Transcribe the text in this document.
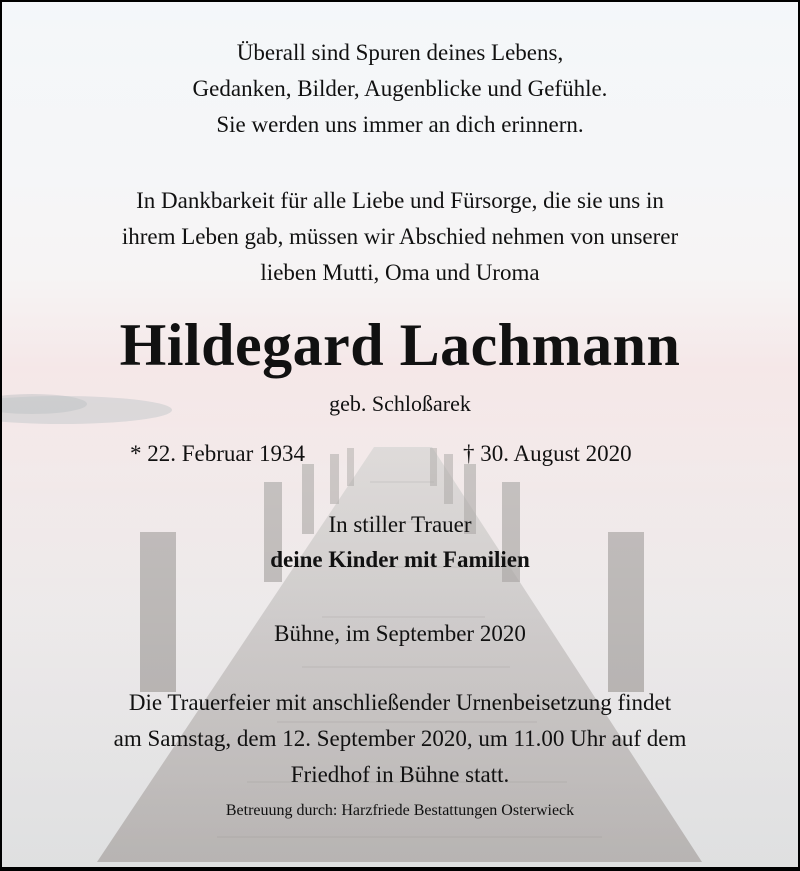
Überall sind Spuren deines Lebens,
Gedanken, Bilder, Augenblicke und Gefühle.
Sie werden uns immer an dich erinnern.
In Dankbarkeit für alle Liebe und Fürsorge, die sie uns in
ihrem Leben gab, müssen wir Abschied nehmen von unserer
lieben Mutti, Oma und Uroma
Hildegard Lachmann
geb. Schloßarek
* 22. Februar 1934	† 30. August 2020
In stiller Trauer
deine Kinder mit Familien
Bühne, im September 2020
Die Trauerfeier mit anschließender Urnenbeisetzung findet
am Samstag, dem 12. September 2020, um 11.00 Uhr auf dem
Friedhof in Bühne statt.
Betreuung durch: Harzfriede Bestattungen Osterwieck
